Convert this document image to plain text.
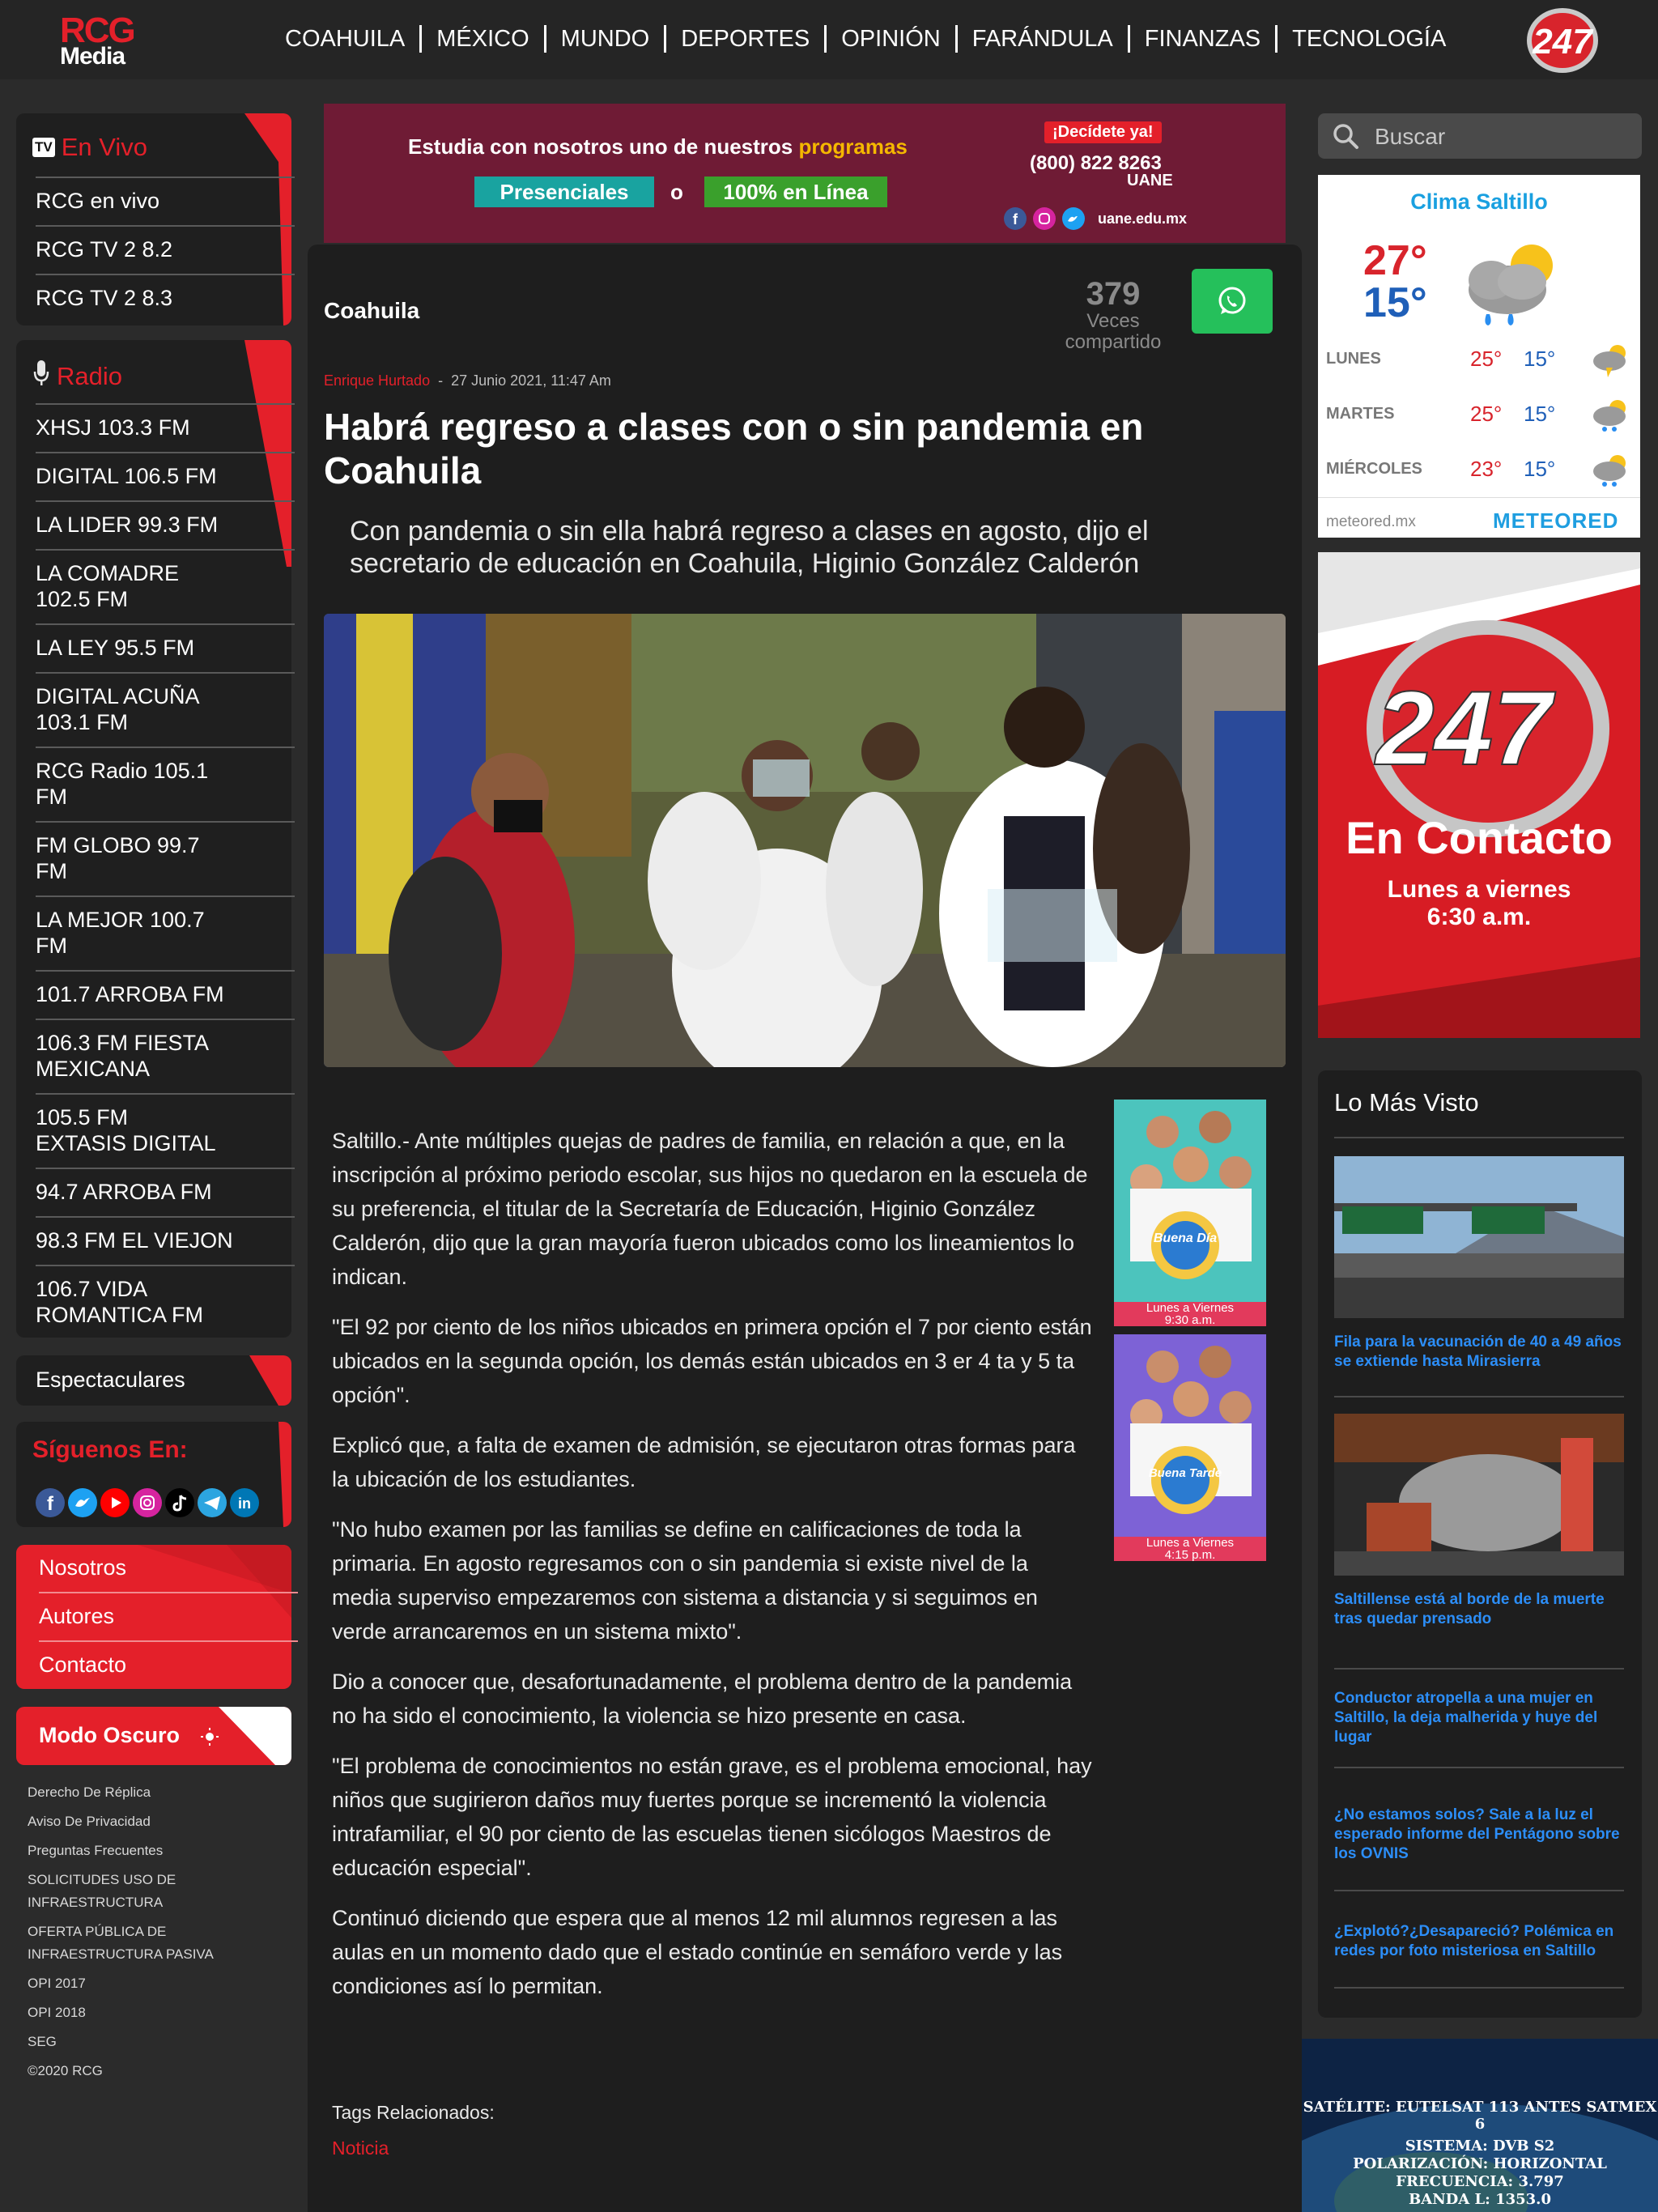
RCG
Media
COAHUILA MÉXICO MUNDO DEPORTES OPINIÓN FARÁNDULA FINANZAS TECNOLOGÍA 247
TV En Vivo
RCG en vivo
RCG TV 2 8.2
RCG TV 2 8.3
Radio
XHSJ 103.3 FM
DIGITAL 106.5 FM
LA LIDER 99.3 FM
LA COMADRE 102.5 FM
LA LEY 95.5 FM
DIGITAL ACUÑA 103.1 FM
RCG Radio 105.1 FM
FM GLOBO 99.7 FM
LA MEJOR 100.7 FM
101.7 ARROBA FM
106.3 FM FIESTA MEXICANA
105.5 FM EXTASIS DIGITAL
94.7 ARROBA FM
98.3 FM EL VIEJON
106.7 VIDA ROMANTICA FM
Espectaculares
Síguenos En:
f	in
Nosotros
Autores
Contacto
Modo Oscuro
Derecho De Réplica
Aviso De Privacidad
Preguntas Frecuentes
SOLICITUDES USO DE INFRAESTRUCTURA
OFERTA PÚBLICA DE INFRAESTRUCTURA PASIVA
OPI 2017
OPI 2018
SEG
©2020 RCG
Estudia con nosotros uno de nuestros programas
Presenciales	o	100% en Línea
¡Decídete ya!
(800) 822 8263
UANE
f	uane.edu.mx
Coahuila	379
Veces
compartido
Enrique Hurtado  -  27 Junio 2021, 11:47 Am
Habrá regreso a clases con o sin pandemia en Coahuila
Con pandemia o sin ella habrá regreso a clases en agosto, dijo el secretario de educación en Coahuila, Higinio González Calderón

Saltillo.- Ante múltiples quejas de padres de familia, en relación a que, en la inscripción al próximo periodo escolar, sus hijos no quedaron en la escuela de su preferencia, el titular de la Secretaría de Educación, Higinio González Calderón, dijo que la gran mayoría fueron ubicados como los lineamientos lo indican.

"El 92 por ciento de los niños ubicados en primera opción el 7 por ciento están ubicados en la segunda opción, los demás están ubicados en 3 er 4 ta y 5 ta opción".

Explicó que, a falta de examen de admisión, se ejecutaron otras formas para la ubicación de los estudiantes.

"No hubo examen por las familias se define en calificaciones de toda la primaria. En agosto regresamos con o sin pandemia si existe nivel de la media superviso empezaremos con sistema a distancia y si seguimos en verde arrancaremos en un sistema mixto".

Dio a conocer que, desafortunadamente, el problema dentro de la pandemia no ha sido el conocimiento, la violencia se hizo presente en casa.

"El problema de conocimientos no están grave, es el problema emocional, hay niños que sugirieron daños muy fuertes porque se incrementó la violencia intrafamiliar, el 90 por ciento de las escuelas tienen sicólogos Maestros de educación especial".

Continuó diciendo que espera que al menos 12 mil alumnos regresen a las aulas en un momento dado que el estado continúe en semáforo verde y las condiciones así lo permitan.

Tags Relacionados:
Noticia
Buena Día
Lunes a Viernes
9:30 a.m.
Buena Tarde
Lunes a Viernes
4:15 p.m.
Buscar
Clima Saltillo
27°
15°
LUNES	25° 15°
MARTES	25° 15°
MIÉRCOLES 23° 15°
meteored.mx	METEORED
247
En Contacto
Lunes a viernes
6:30 a.m.
Lo Más Visto
Fila para la vacunación de 40 a 49 años se extiende hasta Mirasierra
Saltillense está al borde de la muerte tras quedar prensado
Conductor atropella a una mujer en Saltillo, la deja malherida y huye del lugar
¿No estamos solos? Sale a la luz el esperado informe del Pentágono sobre los OVNIS
¿Explotó?¿Desapareció? Polémica en redes por foto misteriosa en Saltillo
SATÉLITE: EUTELSAT 113 ANTES SATMEX 6
SISTEMA: DVB S2
POLARIZACIÓN: HORIZONTAL
FRECUENCIA: 3.797
BANDA L: 1353.0
